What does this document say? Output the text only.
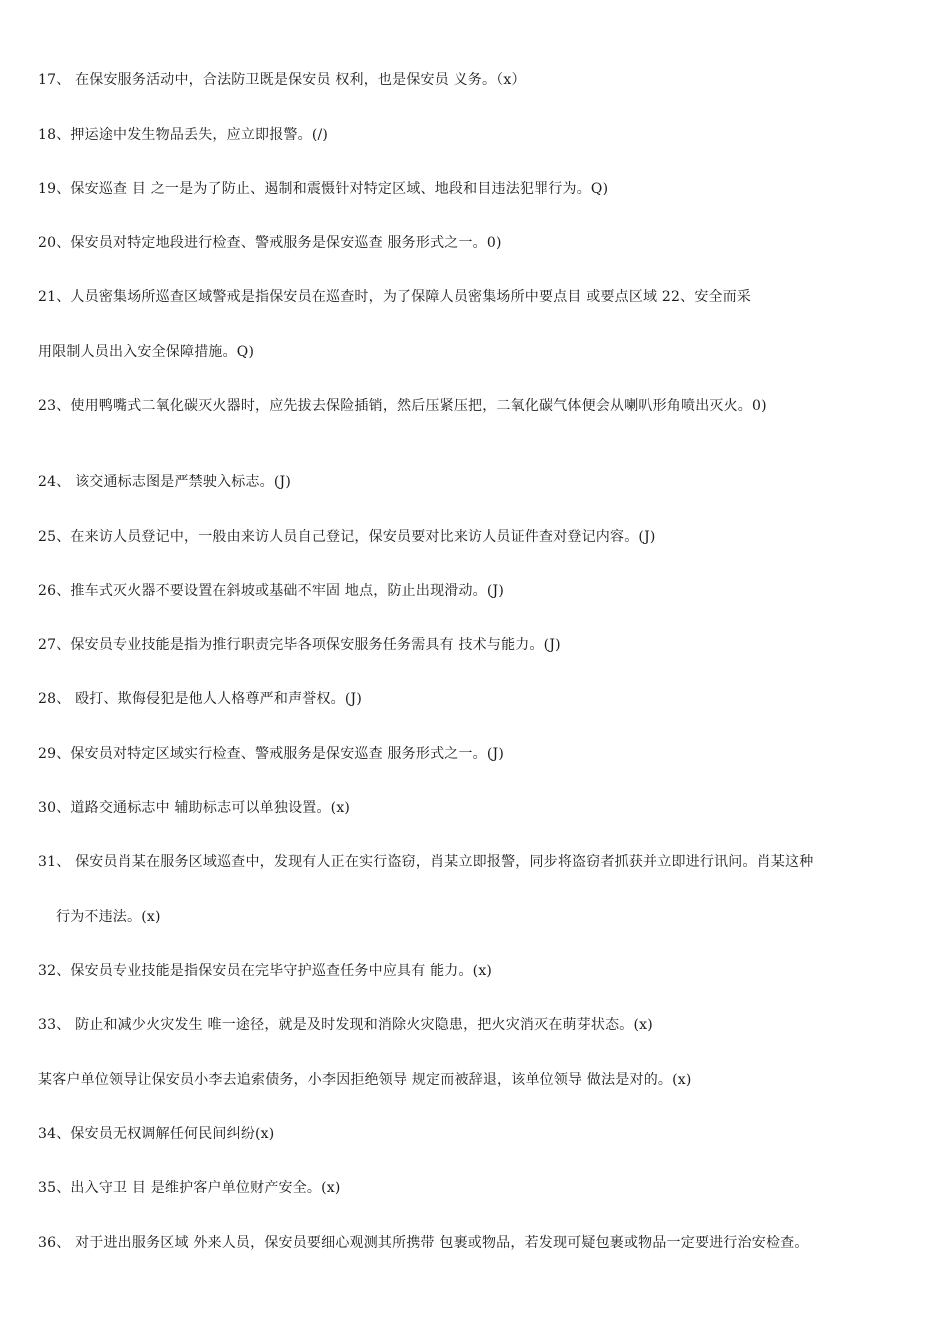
17、 在保安服务活动中，合法防卫既是保安员 权利，也是保安员 义务。（x）
18、押运途中发生物品丢失，应立即报警。(/)
19、保安巡查 目 之一是为了防止、遏制和震慑针对特定区域、地段和目违法犯罪行为。Q)
20、保安员对特定地段进行检查、警戒服务是保安巡查 服务形式之一。0)
21、人员密集场所巡查区域警戒是指保安员在巡查时，为了保障人员密集场所中要点目 或要点区域 22、安全而采
用限制人员出入安全保障措施。Q)
23、使用鸭嘴式二氧化碳灭火器时，应先拔去保险插销，然后压紧压把，二氧化碳气体便会从喇叭形角喷出灭火。0)
24、 该交通标志图是严禁驶入标志。(J)
25、在来访人员登记中，一般由来访人员自己登记，保安员要对比来访人员证件查对登记内容。(J)
26、推车式灭火器不要设置在斜坡或基础不牢固 地点，防止出现滑动。(J)
27、保安员专业技能是指为推行职责完毕各项保安服务任务需具有 技术与能力。(J)
28、 殴打、欺侮侵犯是他人人格尊严和声誉权。(J)
29、保安员对特定区域实行检查、警戒服务是保安巡查 服务形式之一。(J)
30、道路交通标志中 辅助标志可以单独设置。(x)
31、 保安员肖某在服务区域巡查中，发现有人正在实行盗窃，肖某立即报警，同步将盗窃者抓获并立即进行讯问。肖某这种
行为不违法。(x)
32、保安员专业技能是指保安员在完毕守护巡查任务中应具有 能力。(x)
33、 防止和减少火灾发生 唯一途径，就是及时发现和消除火灾隐患，把火灾消灭在萌芽状态。(x)
某客户单位领导让保安员小李去追索债务，小李因拒绝领导 规定而被辞退，该单位领导 做法是对的。(x)
34、保安员无权调解任何民间纠纷(x)
35、出入守卫 目 是维护客户单位财产安全。(x)
36、 对于进出服务区域 外来人员，保安员要细心观测其所携带 包裹或物品，若发现可疑包裹或物品一定要进行治安检查。
